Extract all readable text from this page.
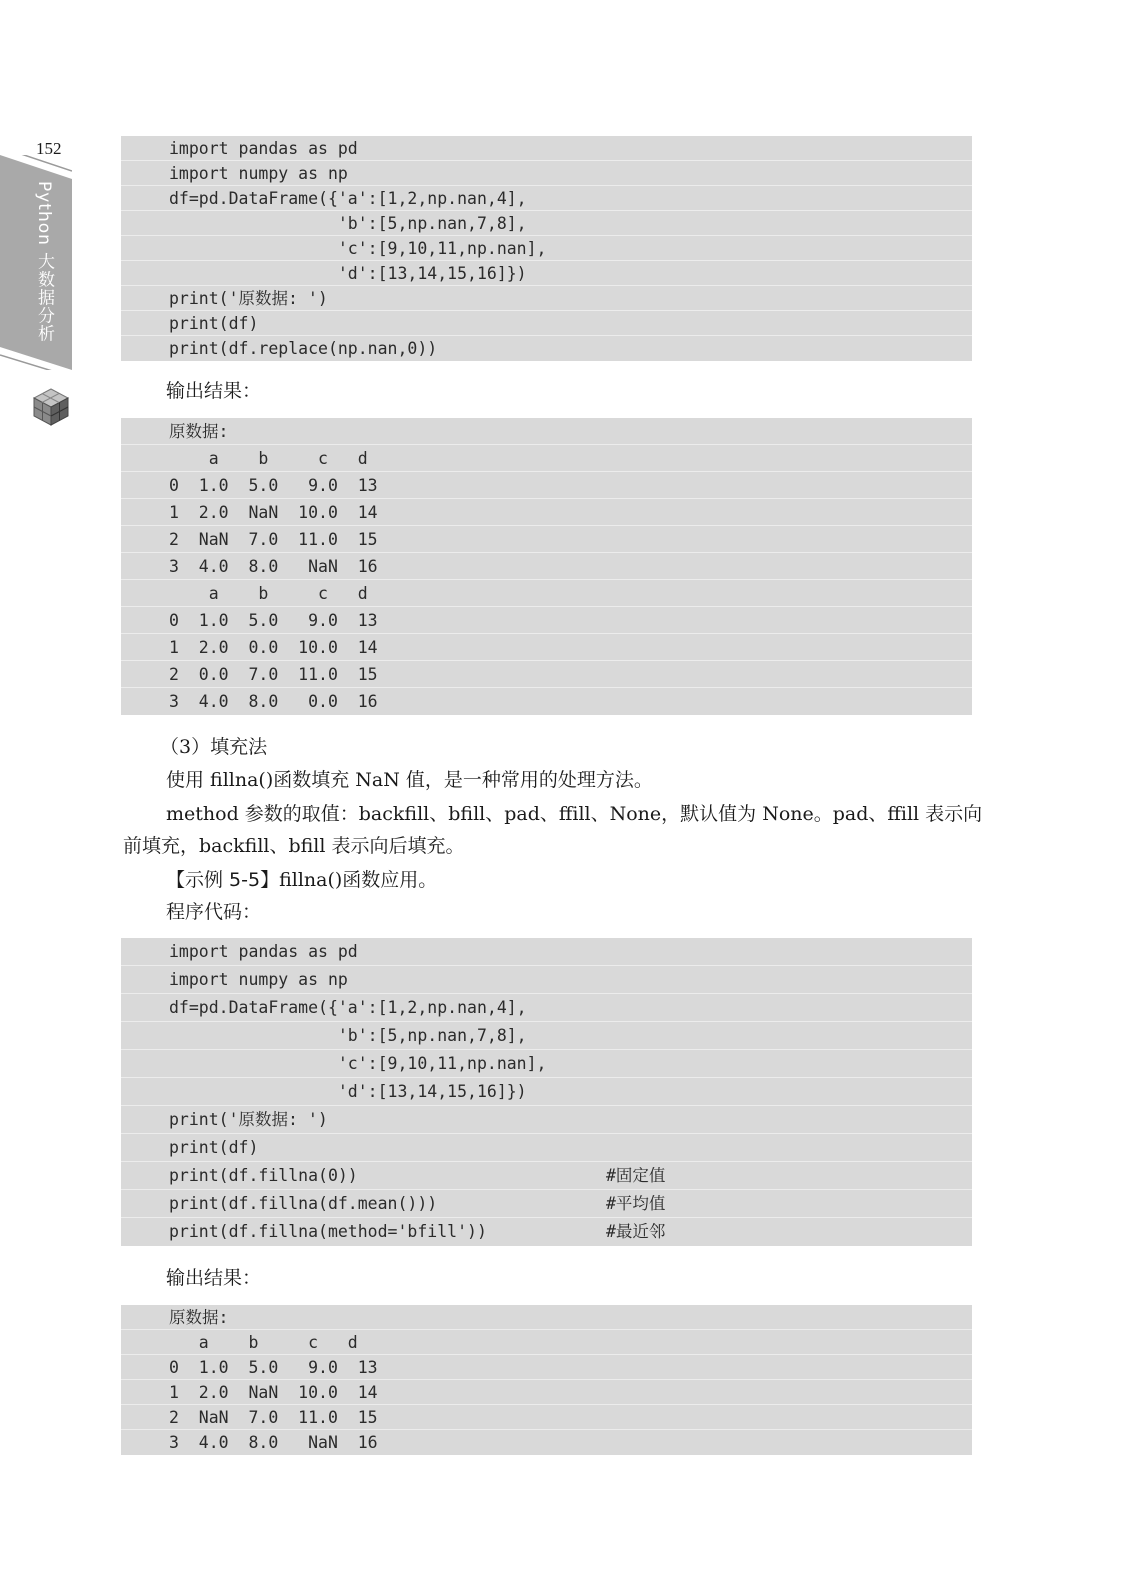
152
Python 大数据分析
import pandas as pd
import numpy as np
df=pd.DataFrame({'a':[1,2,np.nan,4],
'b':[5,np.nan,7,8],
'c':[9,10,11,np.nan],
'd':[13,14,15,16]})
print('原数据: ')
print(df)
print(df.replace(np.nan,0))
输出结果：
原数据:
a    b     c   d
0  1.0  5.0   9.0  13
1  2.0  NaN  10.0  14
2  NaN  7.0  11.0  15
3  4.0  8.0   NaN  16
a    b     c   d
0  1.0  5.0   9.0  13
1  2.0  0.0  10.0  14
2  0.0  7.0  11.0  15
3  4.0  8.0   0.0  16
（3）填充法
使用 fillna()函数填充 NaN 值，是一种常用的处理方法。
method 参数的取值：backfill、bfill、pad、ffill、None，默认值为 None。pad、ffill 表示向
前填充，backfill、bfill 表示向后填充。
【示例 5-5】fillna()函数应用。
程序代码：
import pandas as pd
import numpy as np
df=pd.DataFrame({'a':[1,2,np.nan,4],
'b':[5,np.nan,7,8],
'c':[9,10,11,np.nan],
'd':[13,14,15,16]})
print('原数据: ')
print(df)
print(df.fillna(0))	#固定值
print(df.fillna(df.mean()))	#平均值
print(df.fillna(method='bfill'))	#最近邻
输出结果：
原数据:
a    b     c   d
0  1.0  5.0   9.0  13
1  2.0  NaN  10.0  14
2  NaN  7.0  11.0  15
3  4.0  8.0   NaN  16
